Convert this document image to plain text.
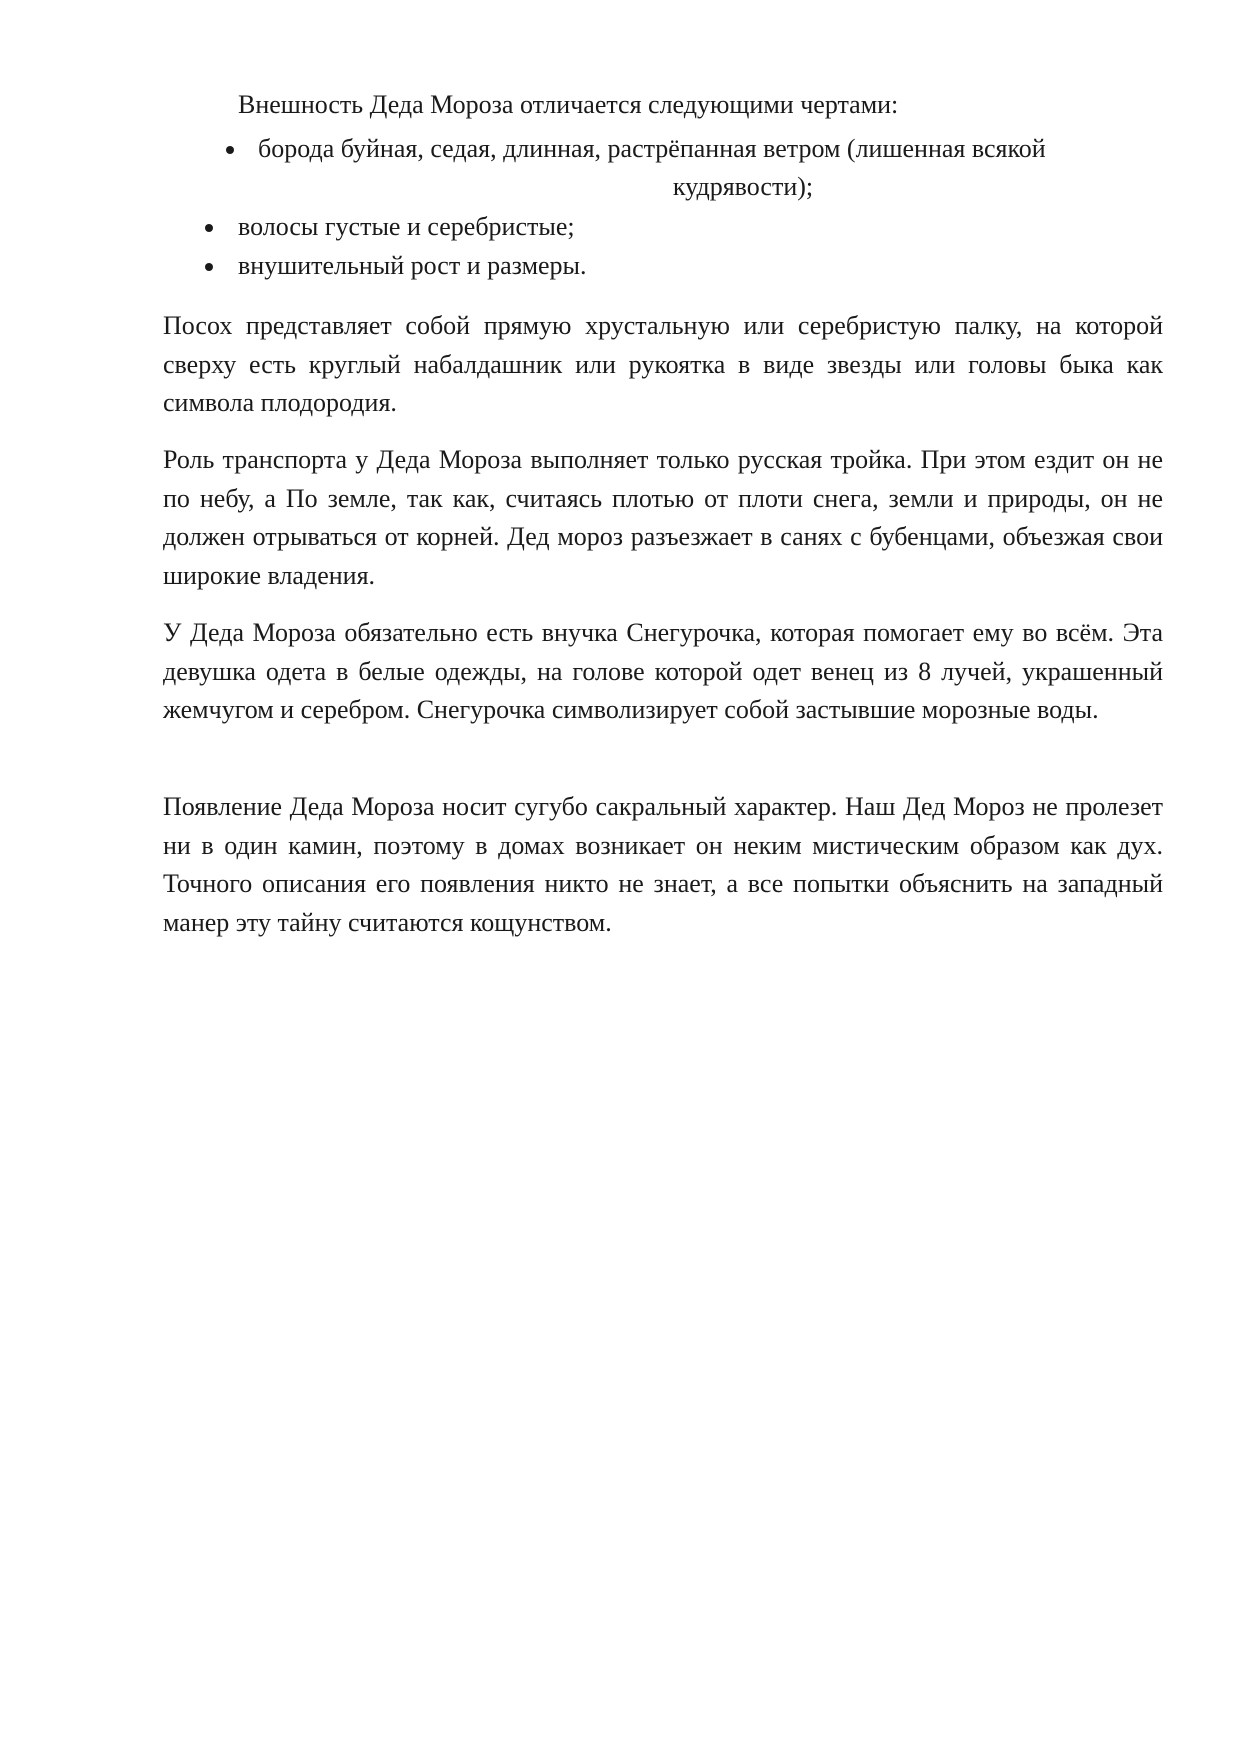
Внешность Деда Мороза отличается следующими чертами:
борода буйная, седая, длинная, растрёпанная ветром (лишенная всякой
кудрявости);
волосы густые и серебристые;
внушительный рост и размеры.

Посох представляет собой прямую хрустальную или серебристую палку, на которой сверху есть круглый набалдашник или рукоятка в виде звезды или головы быка как символа плодородия.

Роль транспорта у Деда Мороза выполняет только русская тройка. При этом ездит он не по небу, а По земле, так как, считаясь плотью от плоти снега, земли и природы, он не должен отрываться от корней. Дед мороз разъезжает в санях с бубенцами, объезжая свои широкие владения.

У Деда Мороза обязательно есть внучка Снегурочка, которая помогает ему во всём. Эта девушка одета в белые одежды, на голове которой одет венец из 8 лучей, украшенный жемчугом и серебром. Снегурочка символизирует собой застывшие морозные воды.

Появление Деда Мороза носит сугубо сакральный характер. Наш Дед Мороз не пролезет ни в один камин, поэтому в домах возникает он неким мистическим образом как дух. Точного описания его появления никто не знает, а все попытки объяснить на западный манер эту тайну считаются кощунством.
